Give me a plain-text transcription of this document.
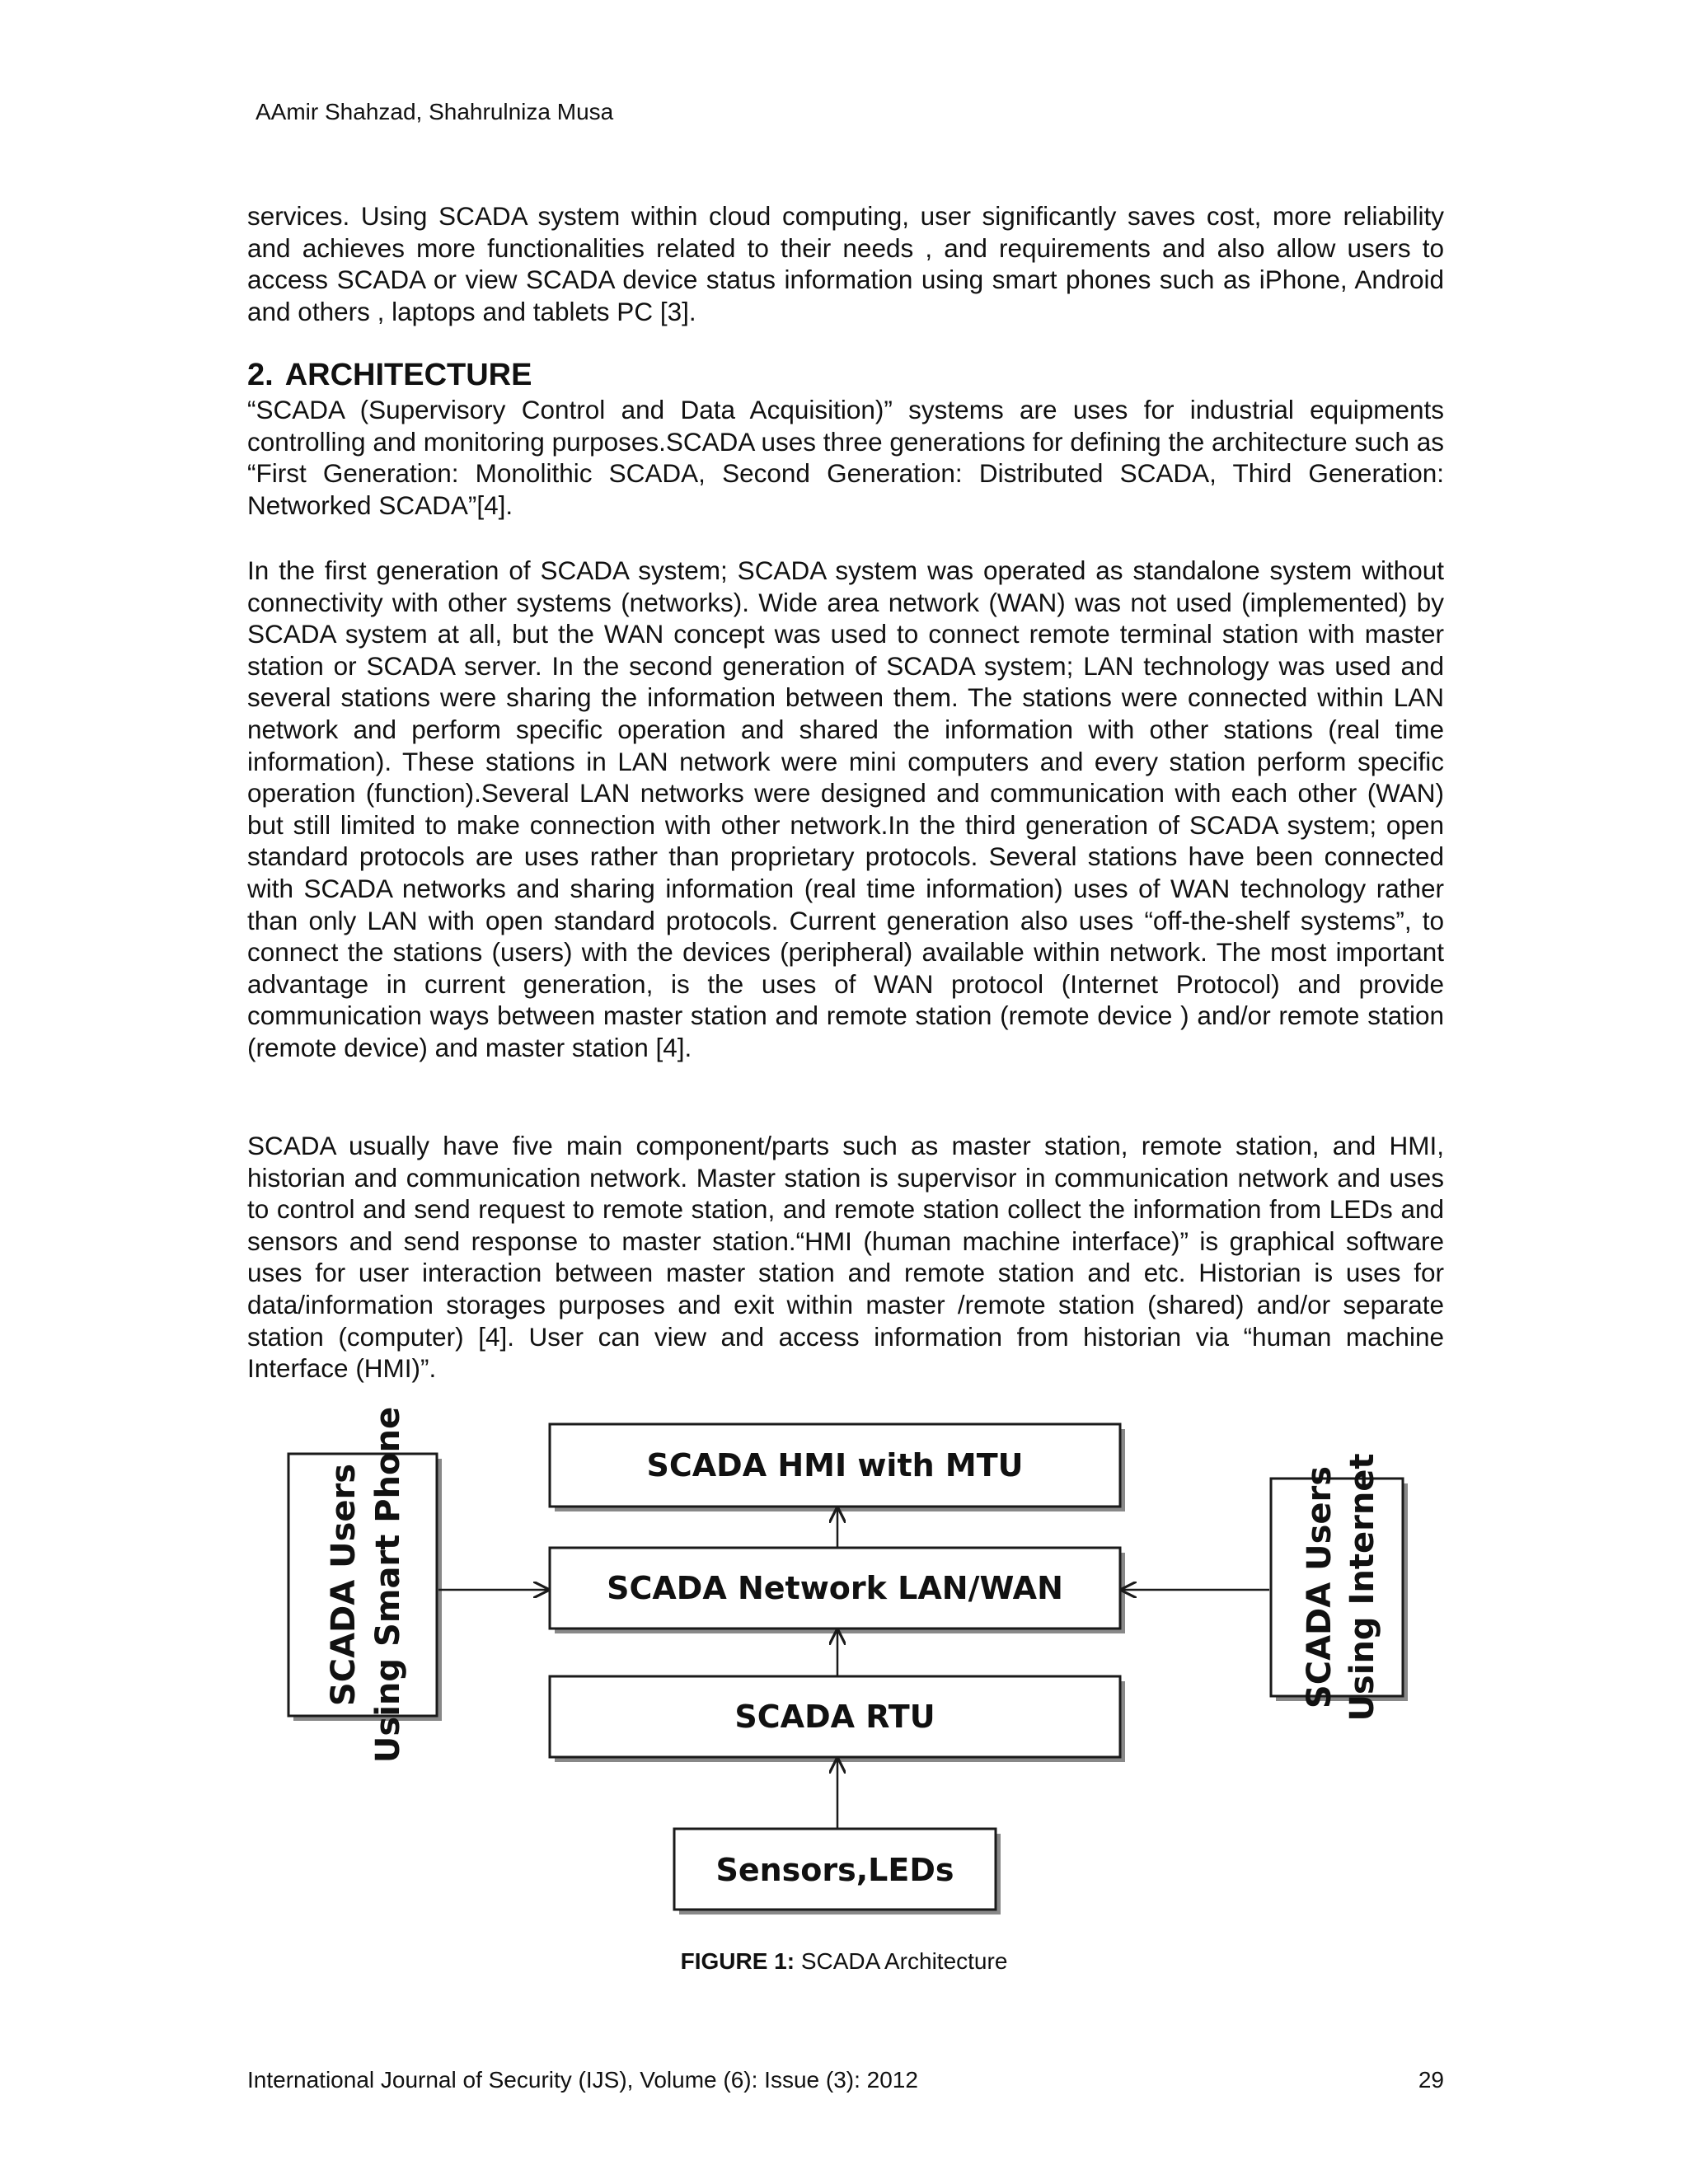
AAmir Shahzad, Shahrulniza Musa

services. Using SCADA system within cloud computing, user significantly saves cost, more reliability and achieves more functionalities related to their needs , and requirements and also allow users to access SCADA or view SCADA device status information using smart phones such as iPhone, Android and others , laptops and tablets PC [3].

2. ARCHITECTURE

“SCADA (Supervisory Control and Data Acquisition)” systems are uses for industrial equipments controlling and monitoring purposes.SCADA uses three generations for defining the architecture such as “First Generation: Monolithic SCADA, Second Generation: Distributed SCADA, Third Generation: Networked SCADA”[4].

In the first generation of SCADA system; SCADA system was operated as standalone system without connectivity with other systems (networks). Wide area network (WAN) was not used (implemented) by SCADA system at all, but the WAN concept was used to connect remote terminal station with master station or SCADA server. In the second generation of SCADA system; LAN technology was used and several stations were sharing the information between them. The stations were connected within LAN network and perform specific operation and shared the information with other stations (real time information). These stations in LAN network were mini computers and every station perform specific operation (function).Several LAN networks were designed and communication with each other (WAN) but still limited to make connection with other network.In the third generation of SCADA system; open standard protocols are uses rather than proprietary protocols. Several stations have been connected with SCADA networks and sharing information (real time information) uses of WAN technology rather than only LAN with open standard protocols. Current generation also uses “off-the-shelf systems”, to connect the stations (users) with the devices (peripheral) available within network. The most important advantage in current generation, is the uses of WAN protocol (Internet Protocol) and provide communication ways between master station and remote station (remote device ) and/or remote station (remote device) and master station [4].

SCADA usually have five main component/parts such as master station, remote station, and HMI, historian and communication network. Master station is supervisor in communication network and uses to control and send request to remote station, and remote station collect the information from LEDs and sensors and send response to master station.“HMI (human machine interface)” is graphical software uses for user interaction between master station and remote station and etc. Historian is uses for data/information storages purposes and exit within master /remote station (shared) and/or separate station (computer) [4]. User can view and access information from historian via “human machine Interface (HMI)”.

SCADA HMI with MTU
SCADA Network LAN/WAN
SCADA RTU
Sensors,LEDs
SCADA Users Using Smart Phone	SCADA Users Using Internet
FIGURE 1: SCADA Architecture
International Journal of Security (IJS), Volume (6): Issue (3): 2012	29
